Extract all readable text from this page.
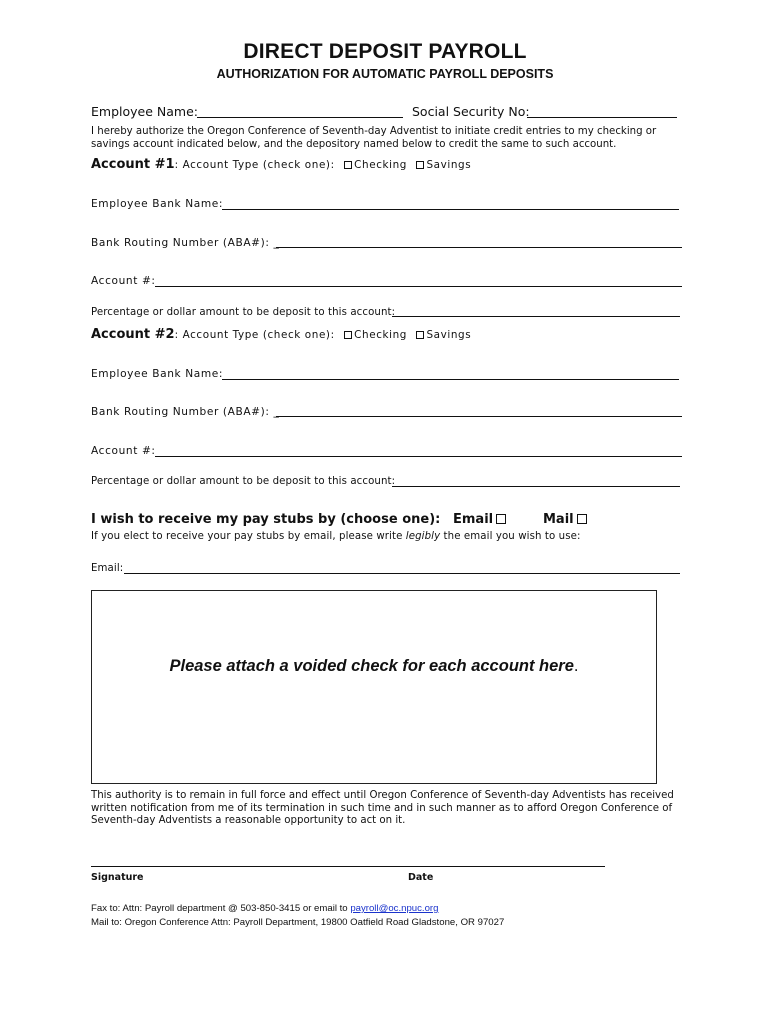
DIRECT DEPOSIT PAYROLL
AUTHORIZATION FOR AUTOMATIC PAYROLL DEPOSITS
Employee Name:	Social Security No:
I hereby authorize the Oregon Conference of Seventh-day Adventist to initiate credit entries to my checking or savings account indicated below, and the depository named below to credit the same to such account.
Account #1: Account Type (check one): Checking Savings
Employee Bank Name:
Bank Routing Number (ABA#): _
Account #:
Percentage or dollar amount to be deposit to this account:
Account #2: Account Type (check one): Checking Savings
Employee Bank Name:
Bank Routing Number (ABA#): _
Account #:
Percentage or dollar amount to be deposit to this account:
I wish to receive my pay stubs by (choose one): Email	Mail
If you elect to receive your pay stubs by email, please write legibly the email you wish to use:
Email:
Please attach a voided check for each account here.
This authority is to remain in full force and effect until Oregon Conference of Seventh-day Adventists has received written notification from me of its termination in such time and in such manner as to afford Oregon Conference of Seventh-day Adventists a reasonable opportunity to act on it.
Signature	Date
Fax to: Attn: Payroll department @ 503-850-3415 or email to payroll@oc.npuc.org
Mail to: Oregon Conference Attn: Payroll Department, 19800 Oatfield Road Gladstone, OR 97027
